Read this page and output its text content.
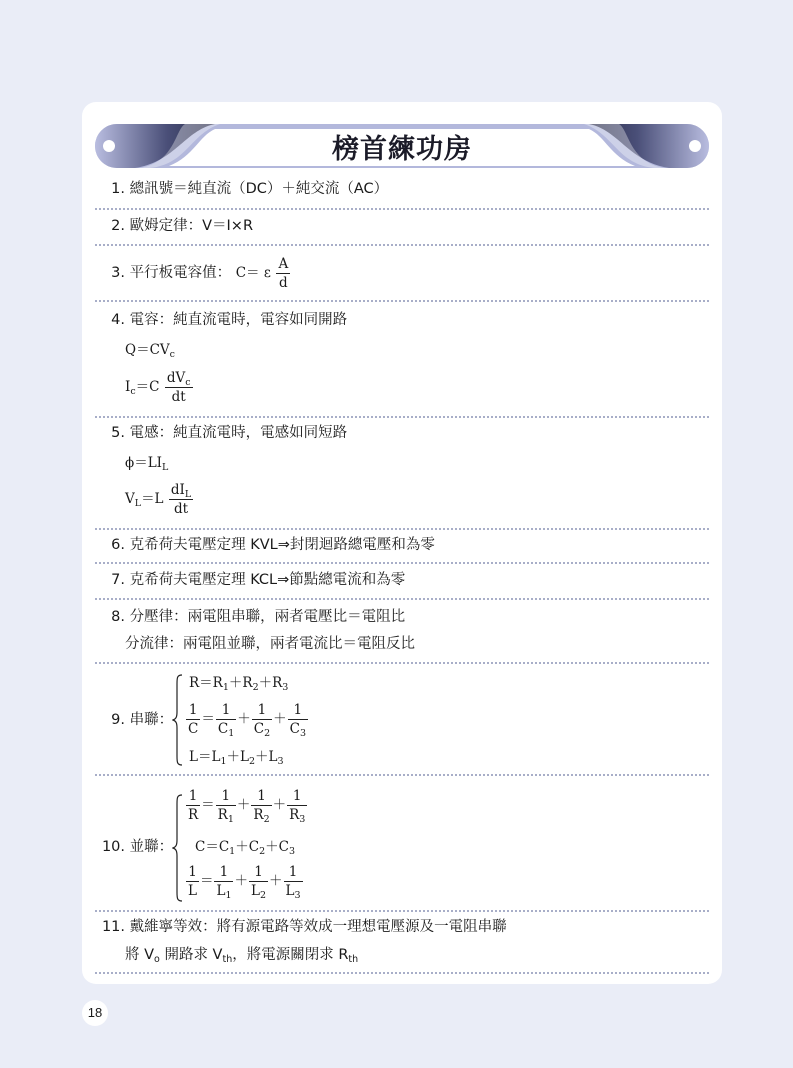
榜首練功房
1. 總訊號＝純直流（DC）＋純交流（AC）
2. 歐姆定律：V＝I×R
3. 平行板電容值： C＝ ε $\frac{A}{d}$
4. 電容：純直流電時，電容如同開路
$Q=CV_c$
$I_c=C \frac{dV_c}{dt}$
5. 電感：純直流電時，電感如同短路
$\phi=LI_L$
$V_L=L \frac{dI_L}{dt}$
6. 克希荷夫電壓定理 KVL⇒封閉迴路總電壓和為零
7. 克希荷夫電壓定理 KCL⇒節點總電流和為零
8. 分壓律：兩電阻串聯，兩者電壓比＝電阻比
分流律：兩電阻並聯，兩者電流比＝電阻反比
9. 串聯：
$R=R_1+R_2+R_3$
$\frac{1}{C} = \frac{1}{C_1} + \frac{1}{C_2} + \frac{1}{C_3}$
$L=L_1+L_2+L_3$
10. 並聯：
$\frac{1}{R} = \frac{1}{R_1} + \frac{1}{R_2} + \frac{1}{R_3}$
$C=C_1+C_2+C_3$
$\frac{1}{L} = \frac{1}{L_1} + \frac{1}{L_2} + \frac{1}{L_3}$
11. 戴維寧等效：將有源電路等效成一理想電壓源及一電阻串聯
將 $V_o$ 開路求 $V_{th}$，將電源關閉求 $R_{th}$
18
